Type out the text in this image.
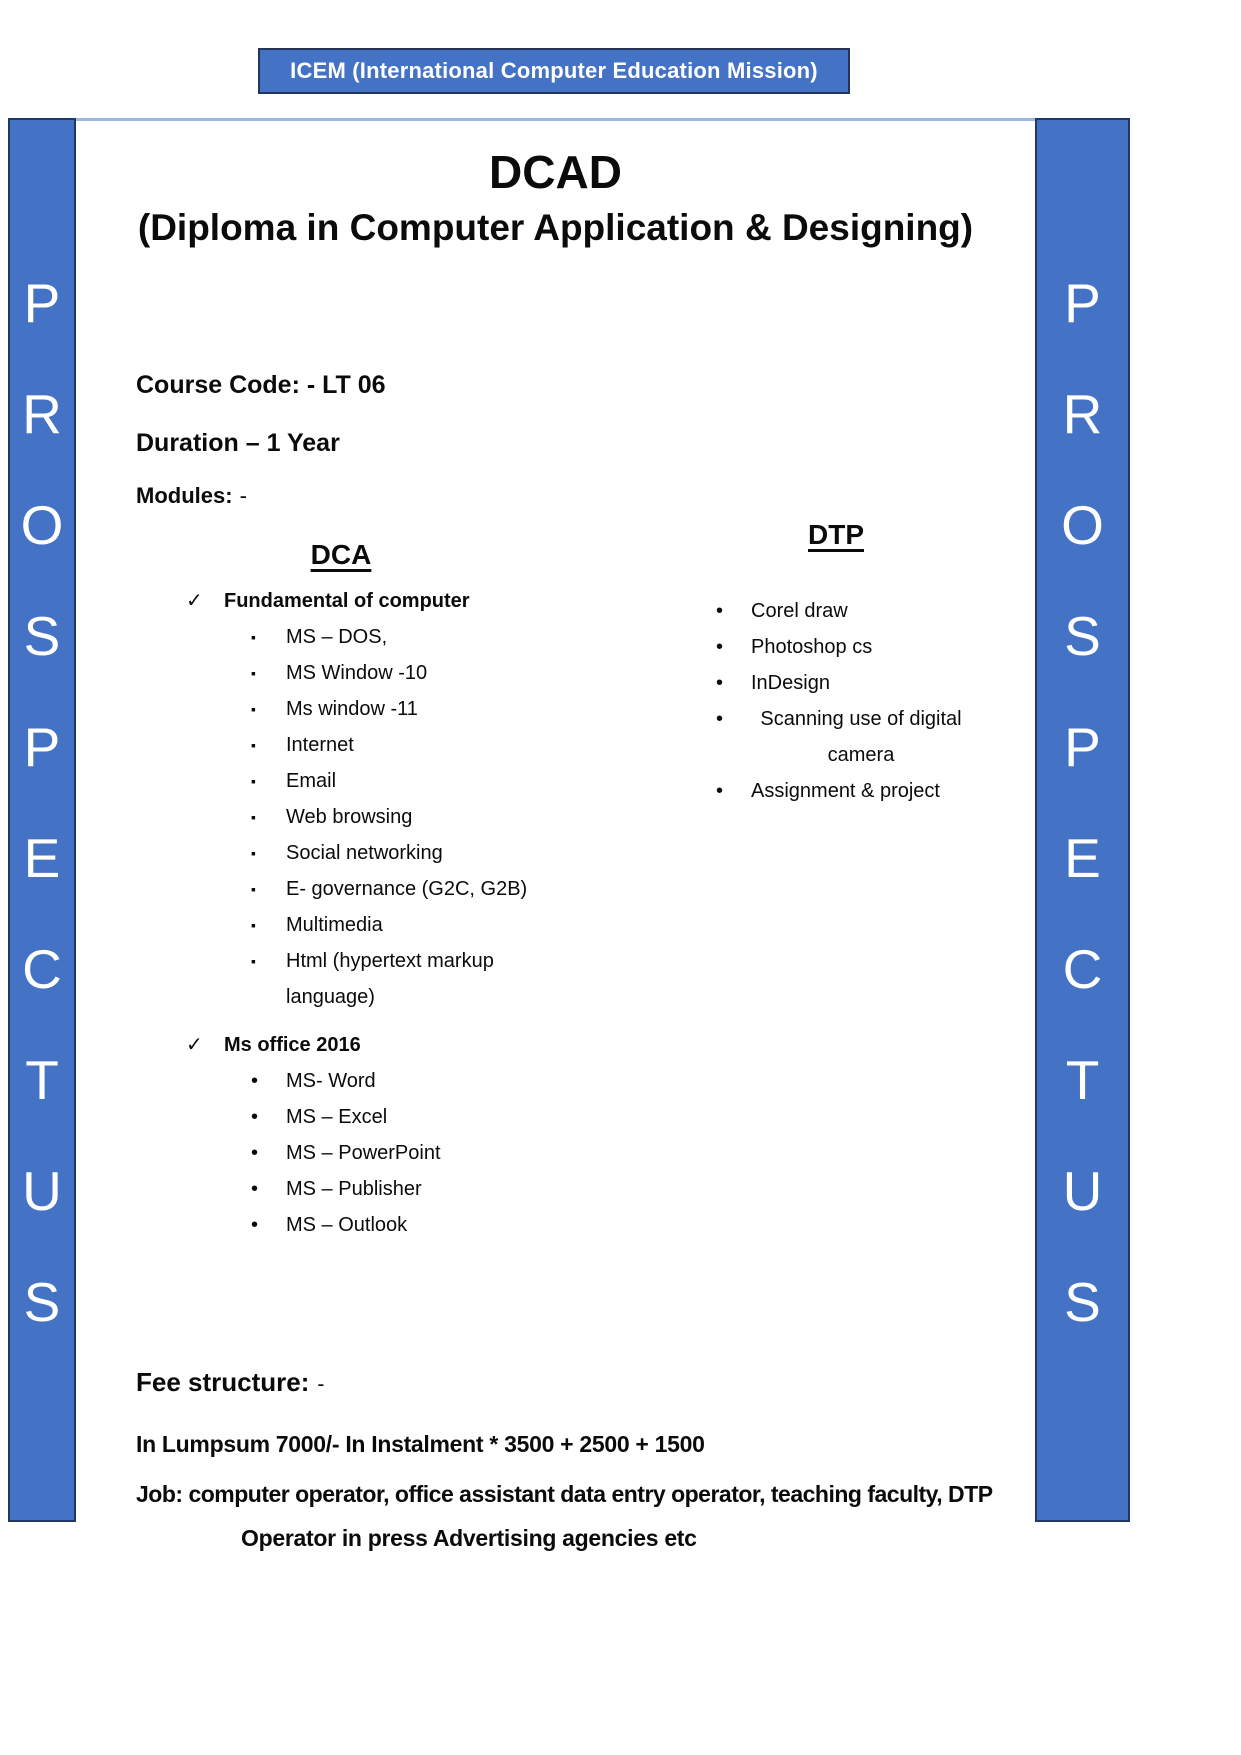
P
R
O
S
P
E
C
T
U
S
P
R
O
S
P
E
C
T
U
S
ICEM (International Computer Education Mission)
DCAD
(Diploma in Computer Application & Designing)
Course Code: - LT 06
Duration – 1 Year
Modules: -
DCA
✓	Fundamental of computer
▪	MS – DOS,
▪	MS Window -10
▪	Ms window -11
▪	Internet
▪	Email
▪	Web browsing
▪	Social networking
▪	E- governance (G2C, G2B)
▪	Multimedia
▪	Html (hypertext markup language)
✓	Ms office 2016
•	MS- Word
•	MS – Excel
•	MS – PowerPoint
•	MS – Publisher
•	MS – Outlook
DTP
•	Corel draw
•	Photoshop cs
•	InDesign
•	Scanning use of digital camera
•	Assignment & project
Fee structure: -
In Lumpsum 7000/- In Instalment * 3500 + 2500 + 1500
Job: computer operator, office assistant data entry operator, teaching faculty, DTP
Operator in press Advertising agencies etc
